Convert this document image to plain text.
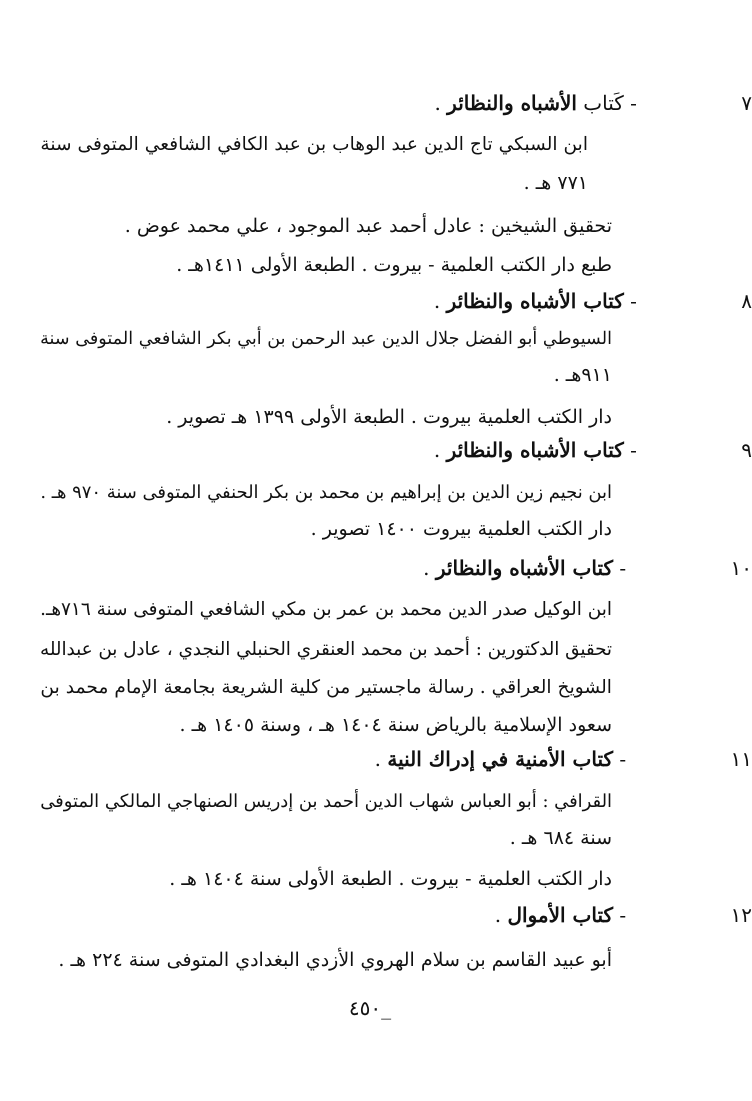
٧ - كَتاب الأشباه والنظائر .
ابن السبكي تاج الدين عبد الوهاب بن عبد الكافي الشافعي المتوفى سنة
٧٧١ هـ .
تحقيق الشيخين : عادل أحمد عبد الموجود ، علي محمد عوض .
طبع دار الكتب العلمية - بيروت . الطبعة الأولى ١٤١١هـ .
٨ - كتاب الأشباه والنظائر .
السيوطي أبو الفضل جلال الدين عبد الرحمن بن أبي بكر الشافعي المتوفى سنة
٩١١هـ .
دار الكتب العلمية بيروت . الطبعة الأولى ١٣٩٩ هـ تصوير .
٩ - كتاب الأشباه والنظائر .
ابن نجيم زين الدين بن إبراهيم بن محمد بن بكر الحنفي المتوفى سنة ٩٧٠ هـ .
دار الكتب العلمية بيروت ١٤٠٠ تصوير .
١٠ - كتاب الأشباه والنظائر .
ابن الوكيل صدر الدين محمد بن عمر بن مكي الشافعي المتوفى سنة ٧١٦هـ.
تحقيق الدكتورين : أحمد بن محمد العنقري الحنبلي النجدي ، عادل بن عبدالله
الشويخ العراقي . رسالة ماجستير من كلية الشريعة بجامعة الإمام محمد بن
سعود الإسلامية بالرياض سنة ١٤٠٤ هـ ، وسنة ١٤٠٥ هـ .
١١ - كتاب الأمنية في إدراك النية .
القرافي : أبو العباس شهاب الدين أحمد بن إدريس الصنهاجي المالكي المتوفى
سنة ٦٨٤ هـ .
دار الكتب العلمية - بيروت . الطبعة الأولى سنة ١٤٠٤ هـ .
١٢ - كتاب الأموال .
أبو عبيد القاسم بن سلام الهروي الأزدي البغدادي المتوفى سنة ٢٢٤ هـ .
_٤٥٠
